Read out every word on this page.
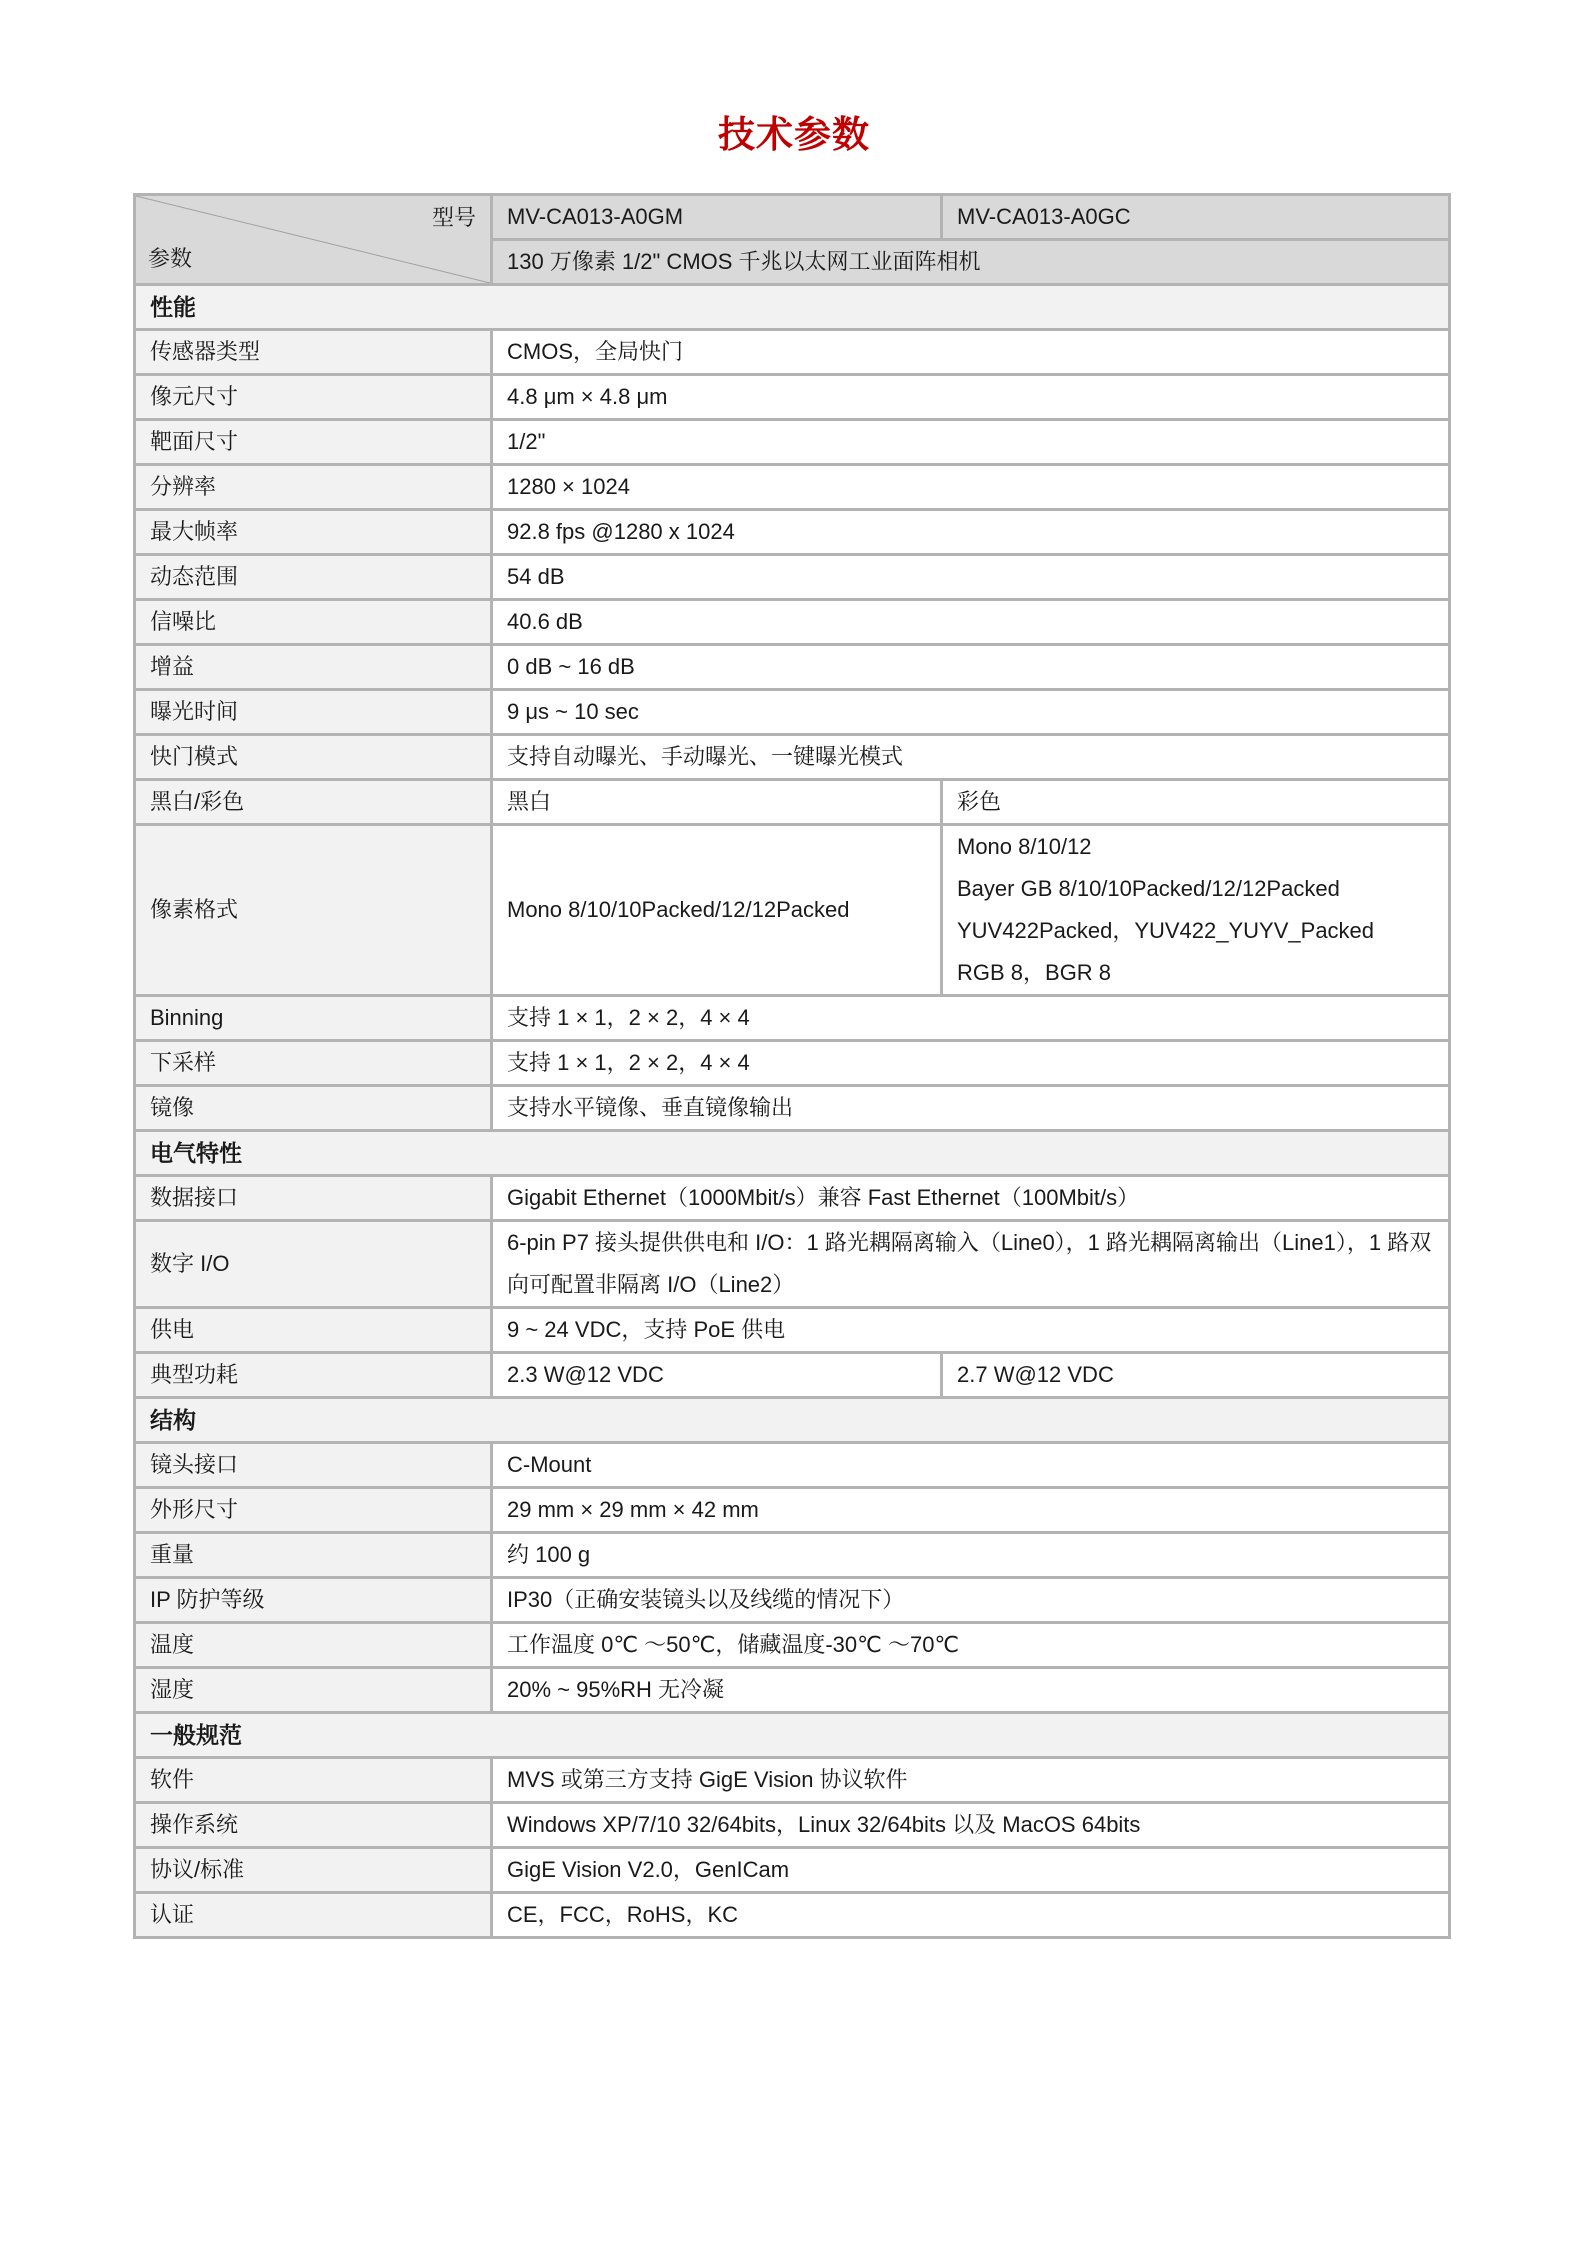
技术参数
型号
参数	MV-CA013-A0GM	MV-CA013-A0GC
	130 万像素 1/2" CMOS 千兆以太网工业面阵相机	
性能		
传感器类型	CMOS，全局快门	
像元尺寸	4.8 μm × 4.8 μm	
靶面尺寸	1/2"	
分辨率	1280 × 1024	
最大帧率	92.8 fps @1280 x 1024	
动态范围	54 dB	
信噪比	40.6 dB	
增益	0 dB ~ 16 dB	
曝光时间	9 μs ~ 10 sec	
快门模式	支持自动曝光、手动曝光、一键曝光模式	
黑白/彩色	黑白	彩色
像素格式	Mono 8/10/10Packed/12/12Packed	Mono 8/10/12
Bayer GB 8/10/10Packed/12/12Packed
YUV422Packed，YUV422_YUYV_Packed
RGB 8，BGR 8

Binning	支持 1 × 1，2 × 2，4 × 4	
下采样	支持 1 × 1，2 × 2，4 × 4	
镜像	支持水平镜像、垂直镜像输出	
电气特性		
数据接口	Gigabit Ethernet（1000Mbit/s）兼容 Fast Ethernet（100Mbit/s）	
数字 I/O	6-pin P7 接头提供供电和 I/O：1 路光耦隔离输入（Line0），1 路光耦隔离输出（Line1），1 路双向可配置非隔离 I/O（Line2）	
供电	9 ~ 24 VDC，支持 PoE 供电	
典型功耗	2.3 W@12 VDC	2.7 W@12 VDC
结构		
镜头接口	C-Mount	
外形尺寸	29 mm × 29 mm × 42 mm	
重量	约 100 g	
IP 防护等级	IP30（正确安装镜头以及线缆的情况下）	
温度	工作温度 0℃ ～50℃，储藏温度-30℃ ～70℃	
湿度	20% ~ 95%RH 无冷凝	
一般规范		
软件	MVS 或第三方支持 GigE Vision 协议软件	
操作系统	Windows XP/7/10 32/64bits，Linux 32/64bits 以及 MacOS 64bits	
协议/标准	GigE Vision V2.0，GenICam	
认证	CE，FCC，RoHS，KC	
